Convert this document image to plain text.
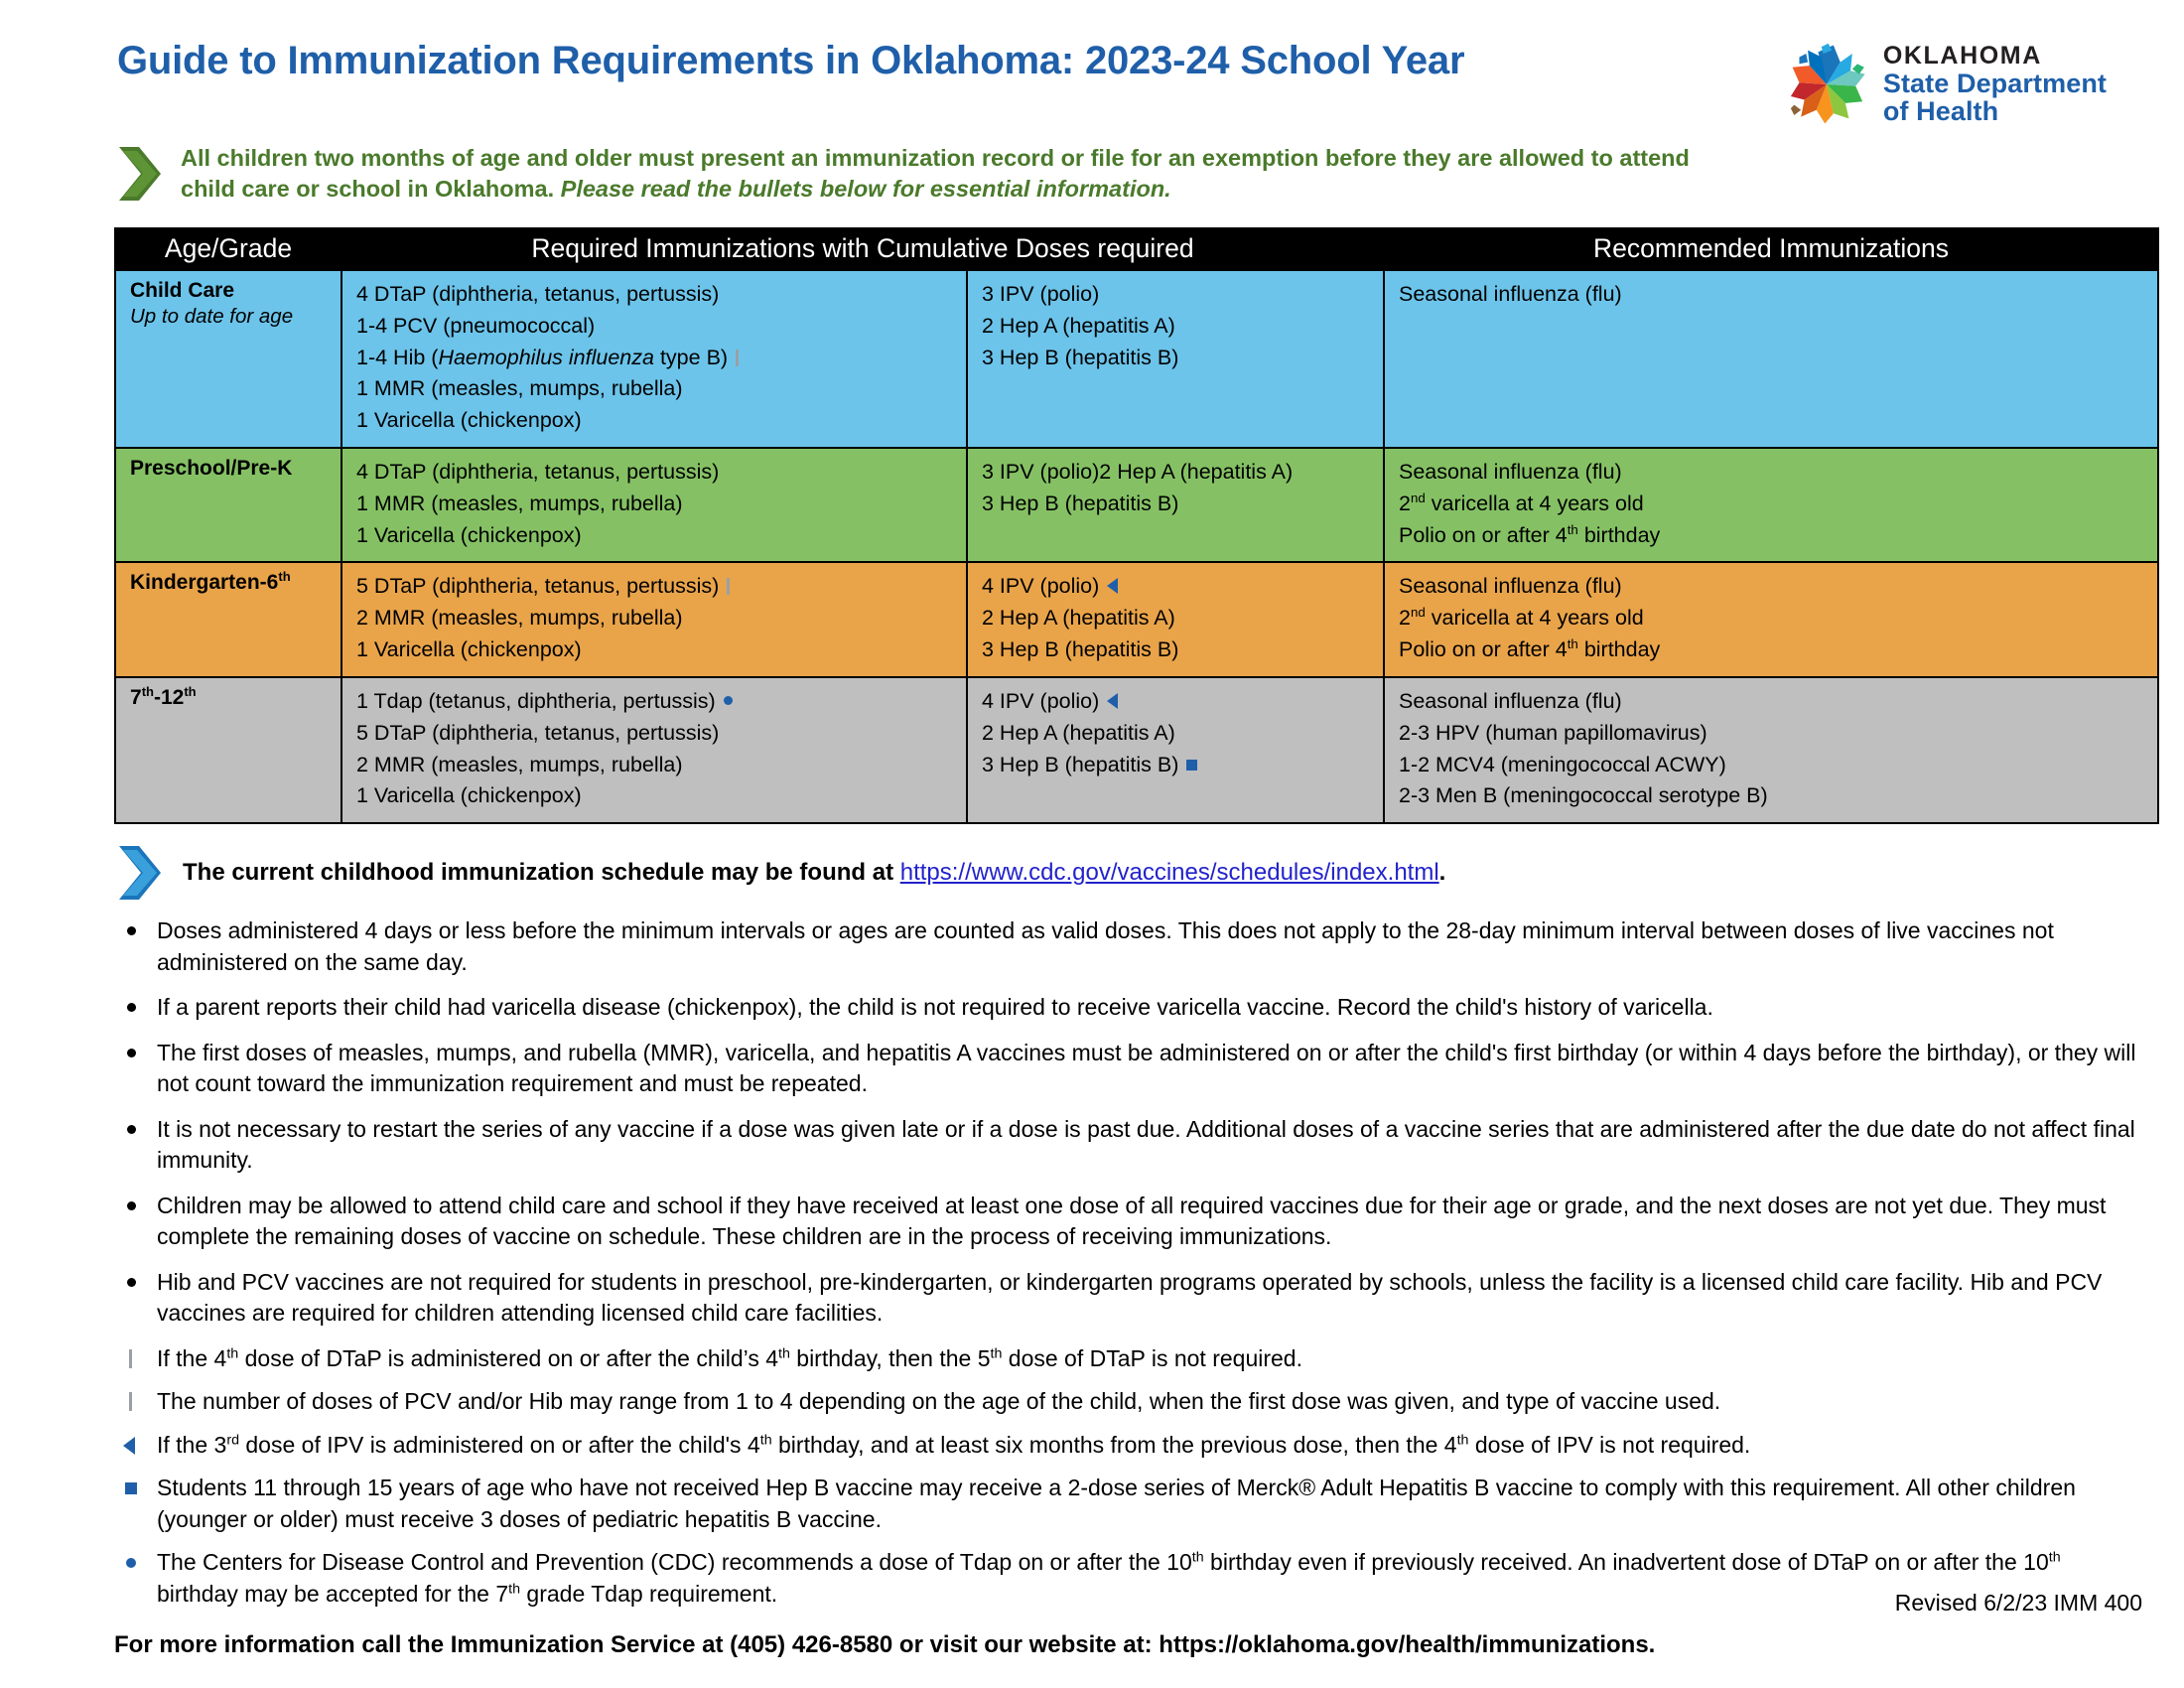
Guide to Immunization Requirements in Oklahoma: 2023-24 School Year	OKLAHOMA
State Department
of Health
All children two months of age and older must present an immunization record or file for an exemption before they are allowed to attend child care or school in Oklahoma. Please read the bullets below for essential information.
Age/Grade	Required Immunizations with Cumulative Doses required		Recommended Immunizations
Child Care
Up to date for age

4 DTaP (diphtheria, tetanus, pertussis)
1-4 PCV (pneumococcal)
1-4 Hib (Haemophilus influenza type B)
1 MMR (measles, mumps, rubella)
1 Varicella (chickenpox)

3 IPV (polio)
2 Hep A (hepatitis A)
3 Hep B (hepatitis B)

Seasonal influenza (flu)

Preschool/Pre-K	4 DTaP (diphtheria, tetanus, pertussis)
1 MMR (measles, mumps, rubella)
1 Varicella (chickenpox)

3 IPV (polio)2 Hep A (hepatitis A)
3 Hep B (hepatitis B)

Seasonal influenza (flu)
2nd varicella at 4 years old
Polio on or after 4th birthday

Kindergarten-6th	5 DTaP (diphtheria, tetanus, pertussis)
2 MMR (measles, mumps, rubella)
1 Varicella (chickenpox)

4 IPV (polio)
2 Hep A (hepatitis A)
3 Hep B (hepatitis B)

Seasonal influenza (flu)
2nd varicella at 4 years old
Polio on or after 4th birthday

7th-12th	1 Tdap (tetanus, diphtheria, pertussis)
5 DTaP (diphtheria, tetanus, pertussis)
2 MMR (measles, mumps, rubella)
1 Varicella (chickenpox)

4 IPV (polio)
2 Hep A (hepatitis A)
3 Hep B (hepatitis B)

Seasonal influenza (flu)
2-3 HPV (human papillomavirus)
1-2 MCV4 (meningococcal ACWY)
2-3 Men B (meningococcal serotype B)
The current childhood immunization schedule may be found at https://www.cdc.gov/vaccines/schedules/index.html.
Doses administered 4 days or less before the minimum intervals or ages are counted as valid doses. This does not apply to the 28-day minimum interval between doses of live vaccines not administered on the same day.
If a parent reports their child had varicella disease (chickenpox), the child is not required to receive varicella vaccine. Record the child's history of varicella.
The first doses of measles, mumps, and rubella (MMR), varicella, and hepatitis A vaccines must be administered on or after the child's first birthday (or within 4 days before the birthday), or they will not count toward the immunization requirement and must be repeated.
It is not necessary to restart the series of any vaccine if a dose was given late or if a dose is past due. Additional doses of a vaccine series that are administered after the due date do not affect final immunity.
Children may be allowed to attend child care and school if they have received at least one dose of all required vaccines due for their age or grade, and the next doses are not yet due. They must complete the remaining doses of vaccine on schedule. These children are in the process of receiving immunizations.
Hib and PCV vaccines are not required for students in preschool, pre-kindergarten, or kindergarten programs operated by schools, unless the facility is a licensed child care facility. Hib and PCV vaccines are required for children attending licensed child care facilities.
If the 4th dose of DTaP is administered on or after the child’s 4th birthday, then the 5th dose of DTaP is not required.
The number of doses of PCV and/or Hib may range from 1 to 4 depending on the age of the child, when the first dose was given, and type of vaccine used.
If the 3rd dose of IPV is administered on or after the child's 4th birthday, and at least six months from the previous dose, then the 4th dose of IPV is not required.
Students 11 through 15 years of age who have not received Hep B vaccine may receive a 2-dose series of Merck® Adult Hepatitis B vaccine to comply with this requirement. All other children (younger or older) must receive 3 doses of pediatric hepatitis B vaccine.
The Centers for Disease Control and Prevention (CDC) recommends a dose of Tdap on or after the 10th birthday even if previously received. An inadvertent dose of DTaP on or after the 10th birthday may be accepted for the 7th grade Tdap requirement.
For more information call the Immunization Service at (405) 426-8580 or visit our website at: https://oklahoma.gov/health/immunizations.
Revised 6/2/23 IMM 400
